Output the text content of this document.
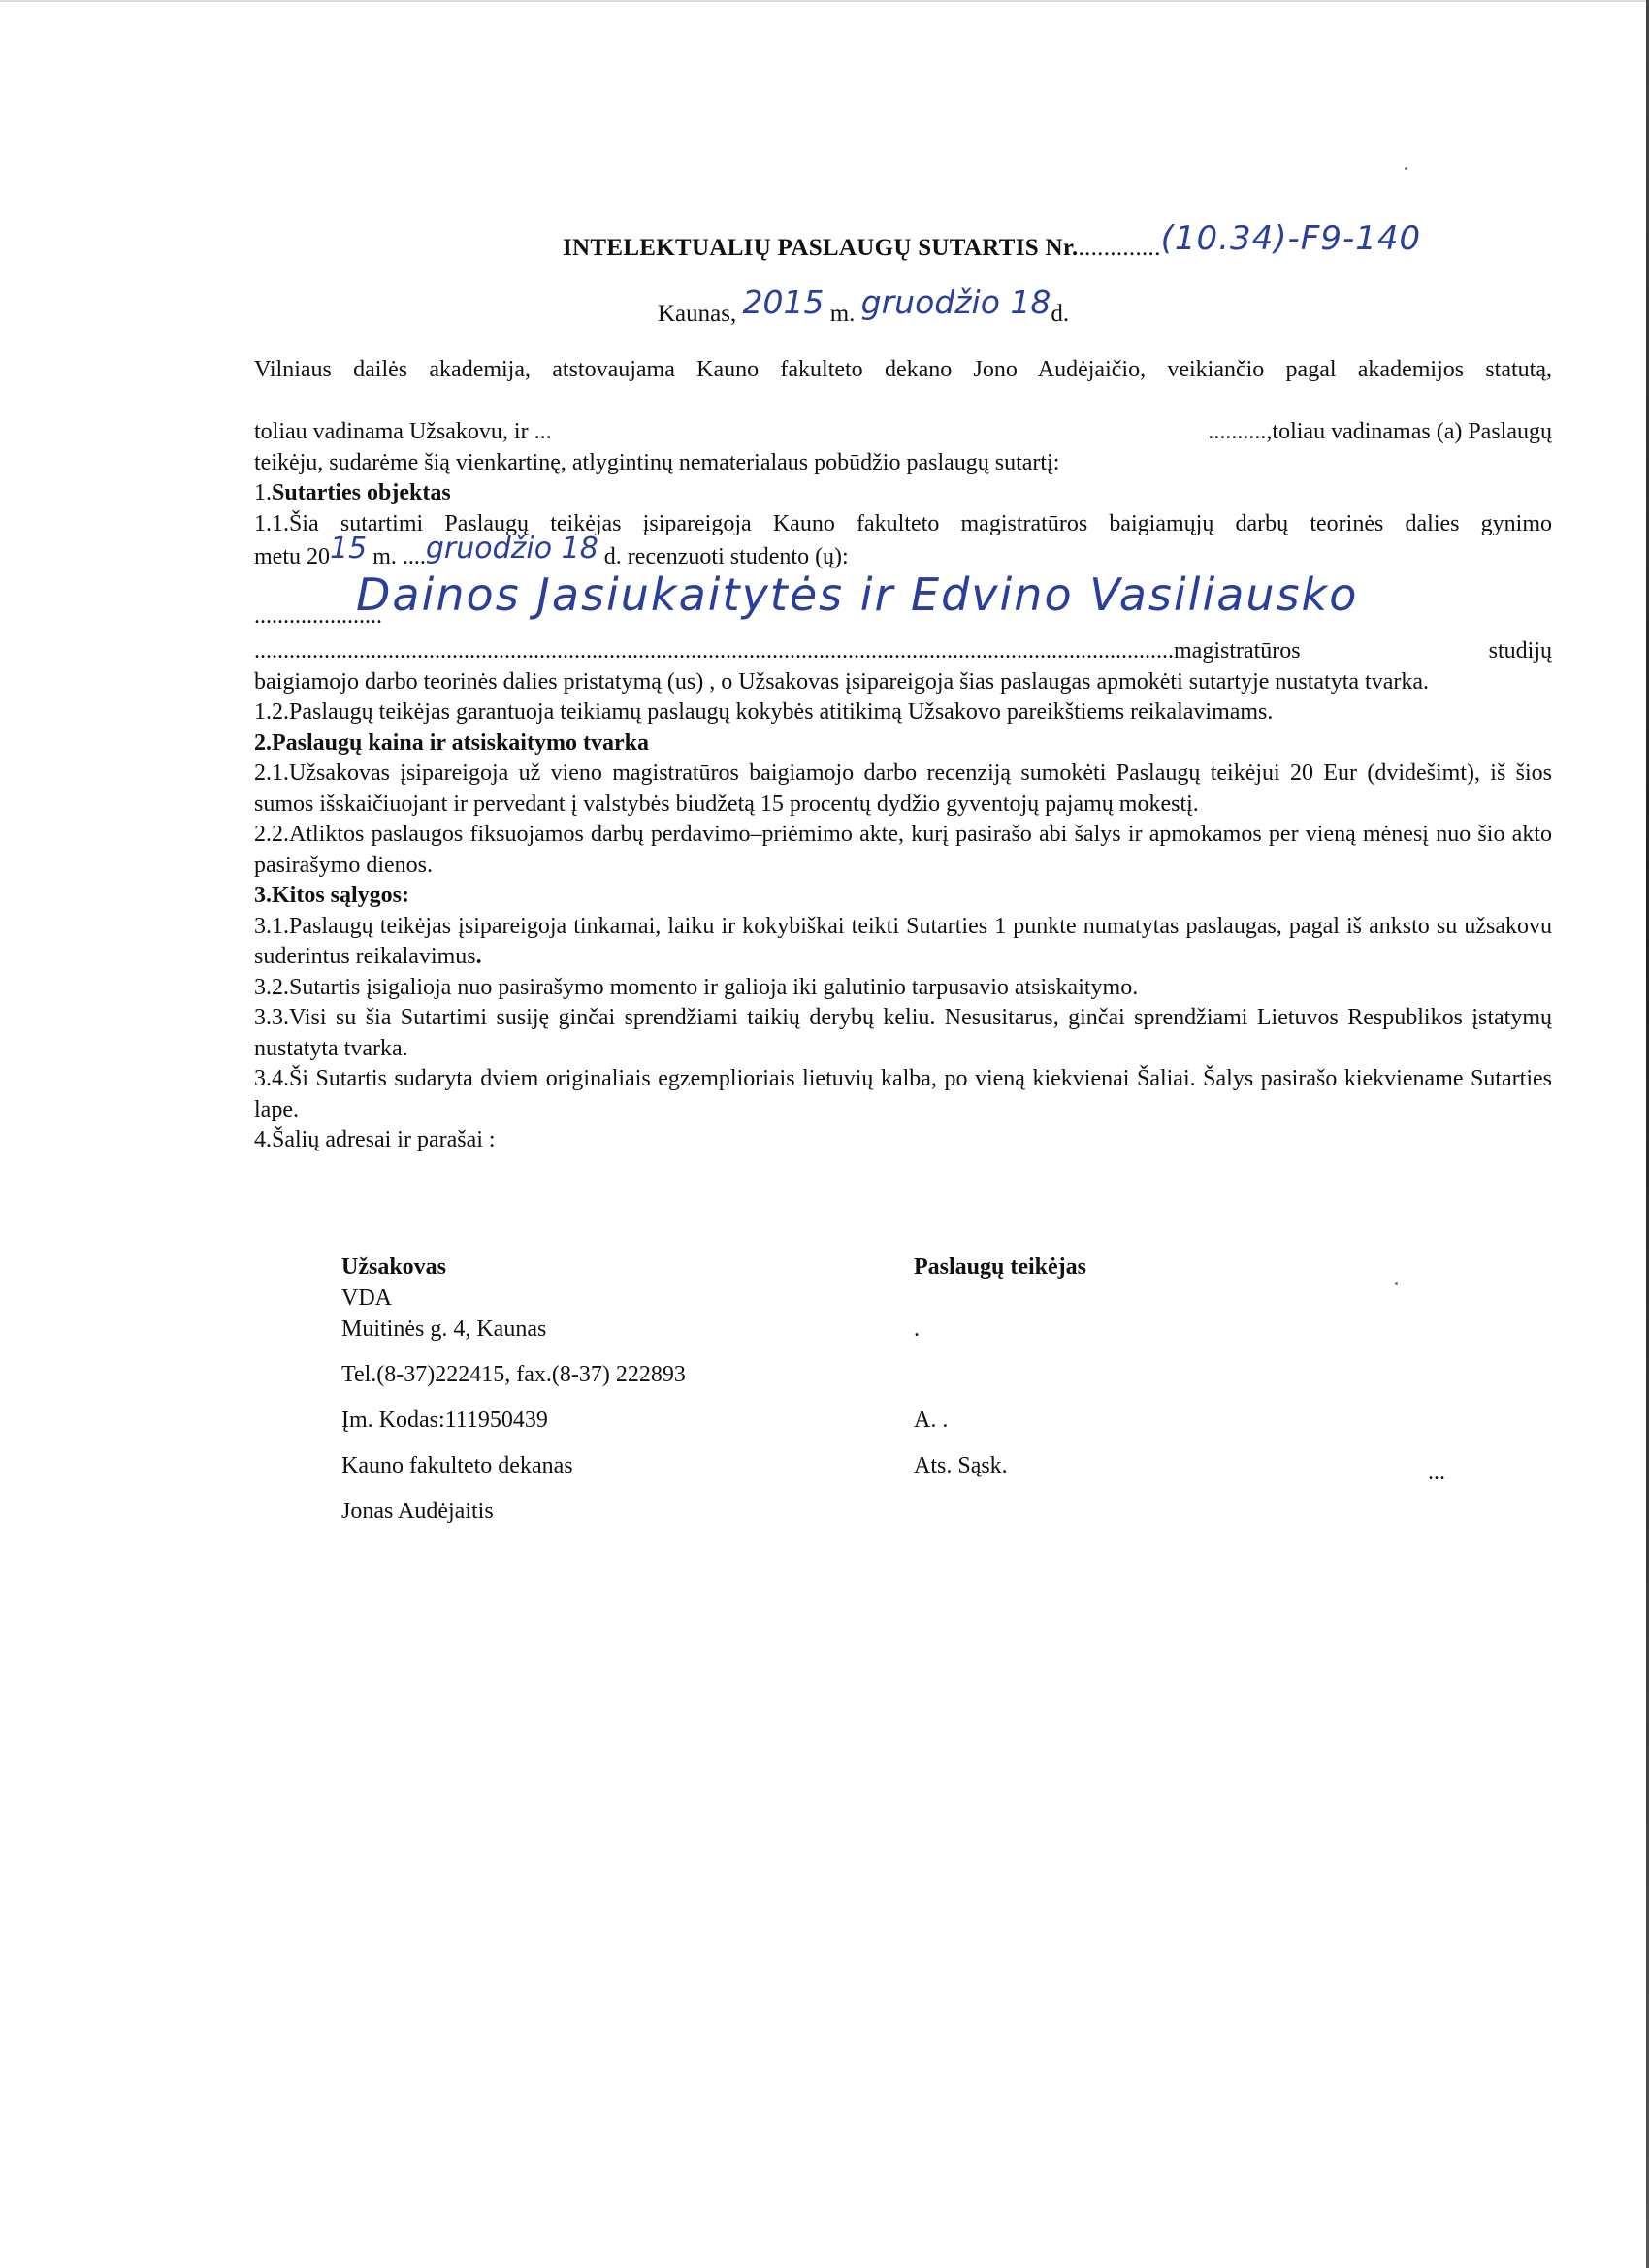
INTELEKTUALIŲ PASLAUGŲ SUTARTIS Nr..............(10.34)-F9-140
Kaunas, 2015 m. gruodžio 18d.

Vilniaus dailės akademija, atstovaujama Kauno fakulteto dekano Jono Audėjaičio, veikiančio pagal akademijos statutą,

toliau vadinama Užsakovu, ir ...	..........,toliau vadinamas (a) Paslaugų

teikėju, sudarėme šią vienkartinę, atlygintinų nematerialaus pobūdžio paslaugų sutartį:

1.Sutarties objektas

1.1.Šia sutartimi Paslaugų teikėjas įsipareigoja Kauno fakulteto magistratūros baigiamųjų darbų teorinės dalies gynimo

metu 2015 m. ....gruodžio 18 d. recenzuoti studento (ų):

......................
Dainos Jasiukaitytės ir Edvino Vasiliausko

..............................................................................................................................................................magistratūros studijų

baigiamojo darbo teorinės dalies pristatymą (us) , o Užsakovas įsipareigoja šias paslaugas apmokėti sutartyje nustatyta tvarka.

1.2.Paslaugų teikėjas garantuoja teikiamų paslaugų kokybės atitikimą Užsakovo pareikštiems reikalavimams.

2.Paslaugų kaina ir atsiskaitymo tvarka

2.1.Užsakovas įsipareigoja už vieno magistratūros baigiamojo darbo recenziją sumokėti Paslaugų teikėjui 20 Eur (dvidešimt), iš šios sumos išskaičiuojant ir pervedant į valstybės biudžetą 15 procentų dydžio gyventojų pajamų mokestį.

2.2.Atliktos paslaugos fiksuojamos darbų perdavimo–priėmimo akte, kurį pasirašo abi šalys ir apmokamos per vieną mėnesį nuo šio akto pasirašymo dienos.

3.Kitos sąlygos:

3.1.Paslaugų teikėjas įsipareigoja tinkamai, laiku ir kokybiškai teikti Sutarties 1 punkte numatytas paslaugas, pagal iš anksto su užsakovu suderintus reikalavimus.

3.2.Sutartis įsigalioja nuo pasirašymo momento ir galioja iki galutinio tarpusavio atsiskaitymo.

3.3.Visi su šia Sutartimi susiję ginčai sprendžiami taikių derybų keliu. Nesusitarus, ginčai sprendžiami Lietuvos Respublikos įstatymų nustatyta tvarka.

3.4.Ši Sutartis sudaryta dviem originaliais egzemplioriais lietuvių kalba, po vieną kiekvienai Šaliai. Šalys pasirašo kiekviename Sutarties lape.

4.Šalių adresai ir parašai :

Užsakovas
VDA
Muitinės g. 4, Kaunas
Tel.(8-37)222415, fax.(8-37) 222893
Įm. Kodas:111950439
Kauno fakulteto dekanas
Jonas Audėjaitis
Paslaugų teikėjas
.
A. .
Ats. Sąsk.	...
